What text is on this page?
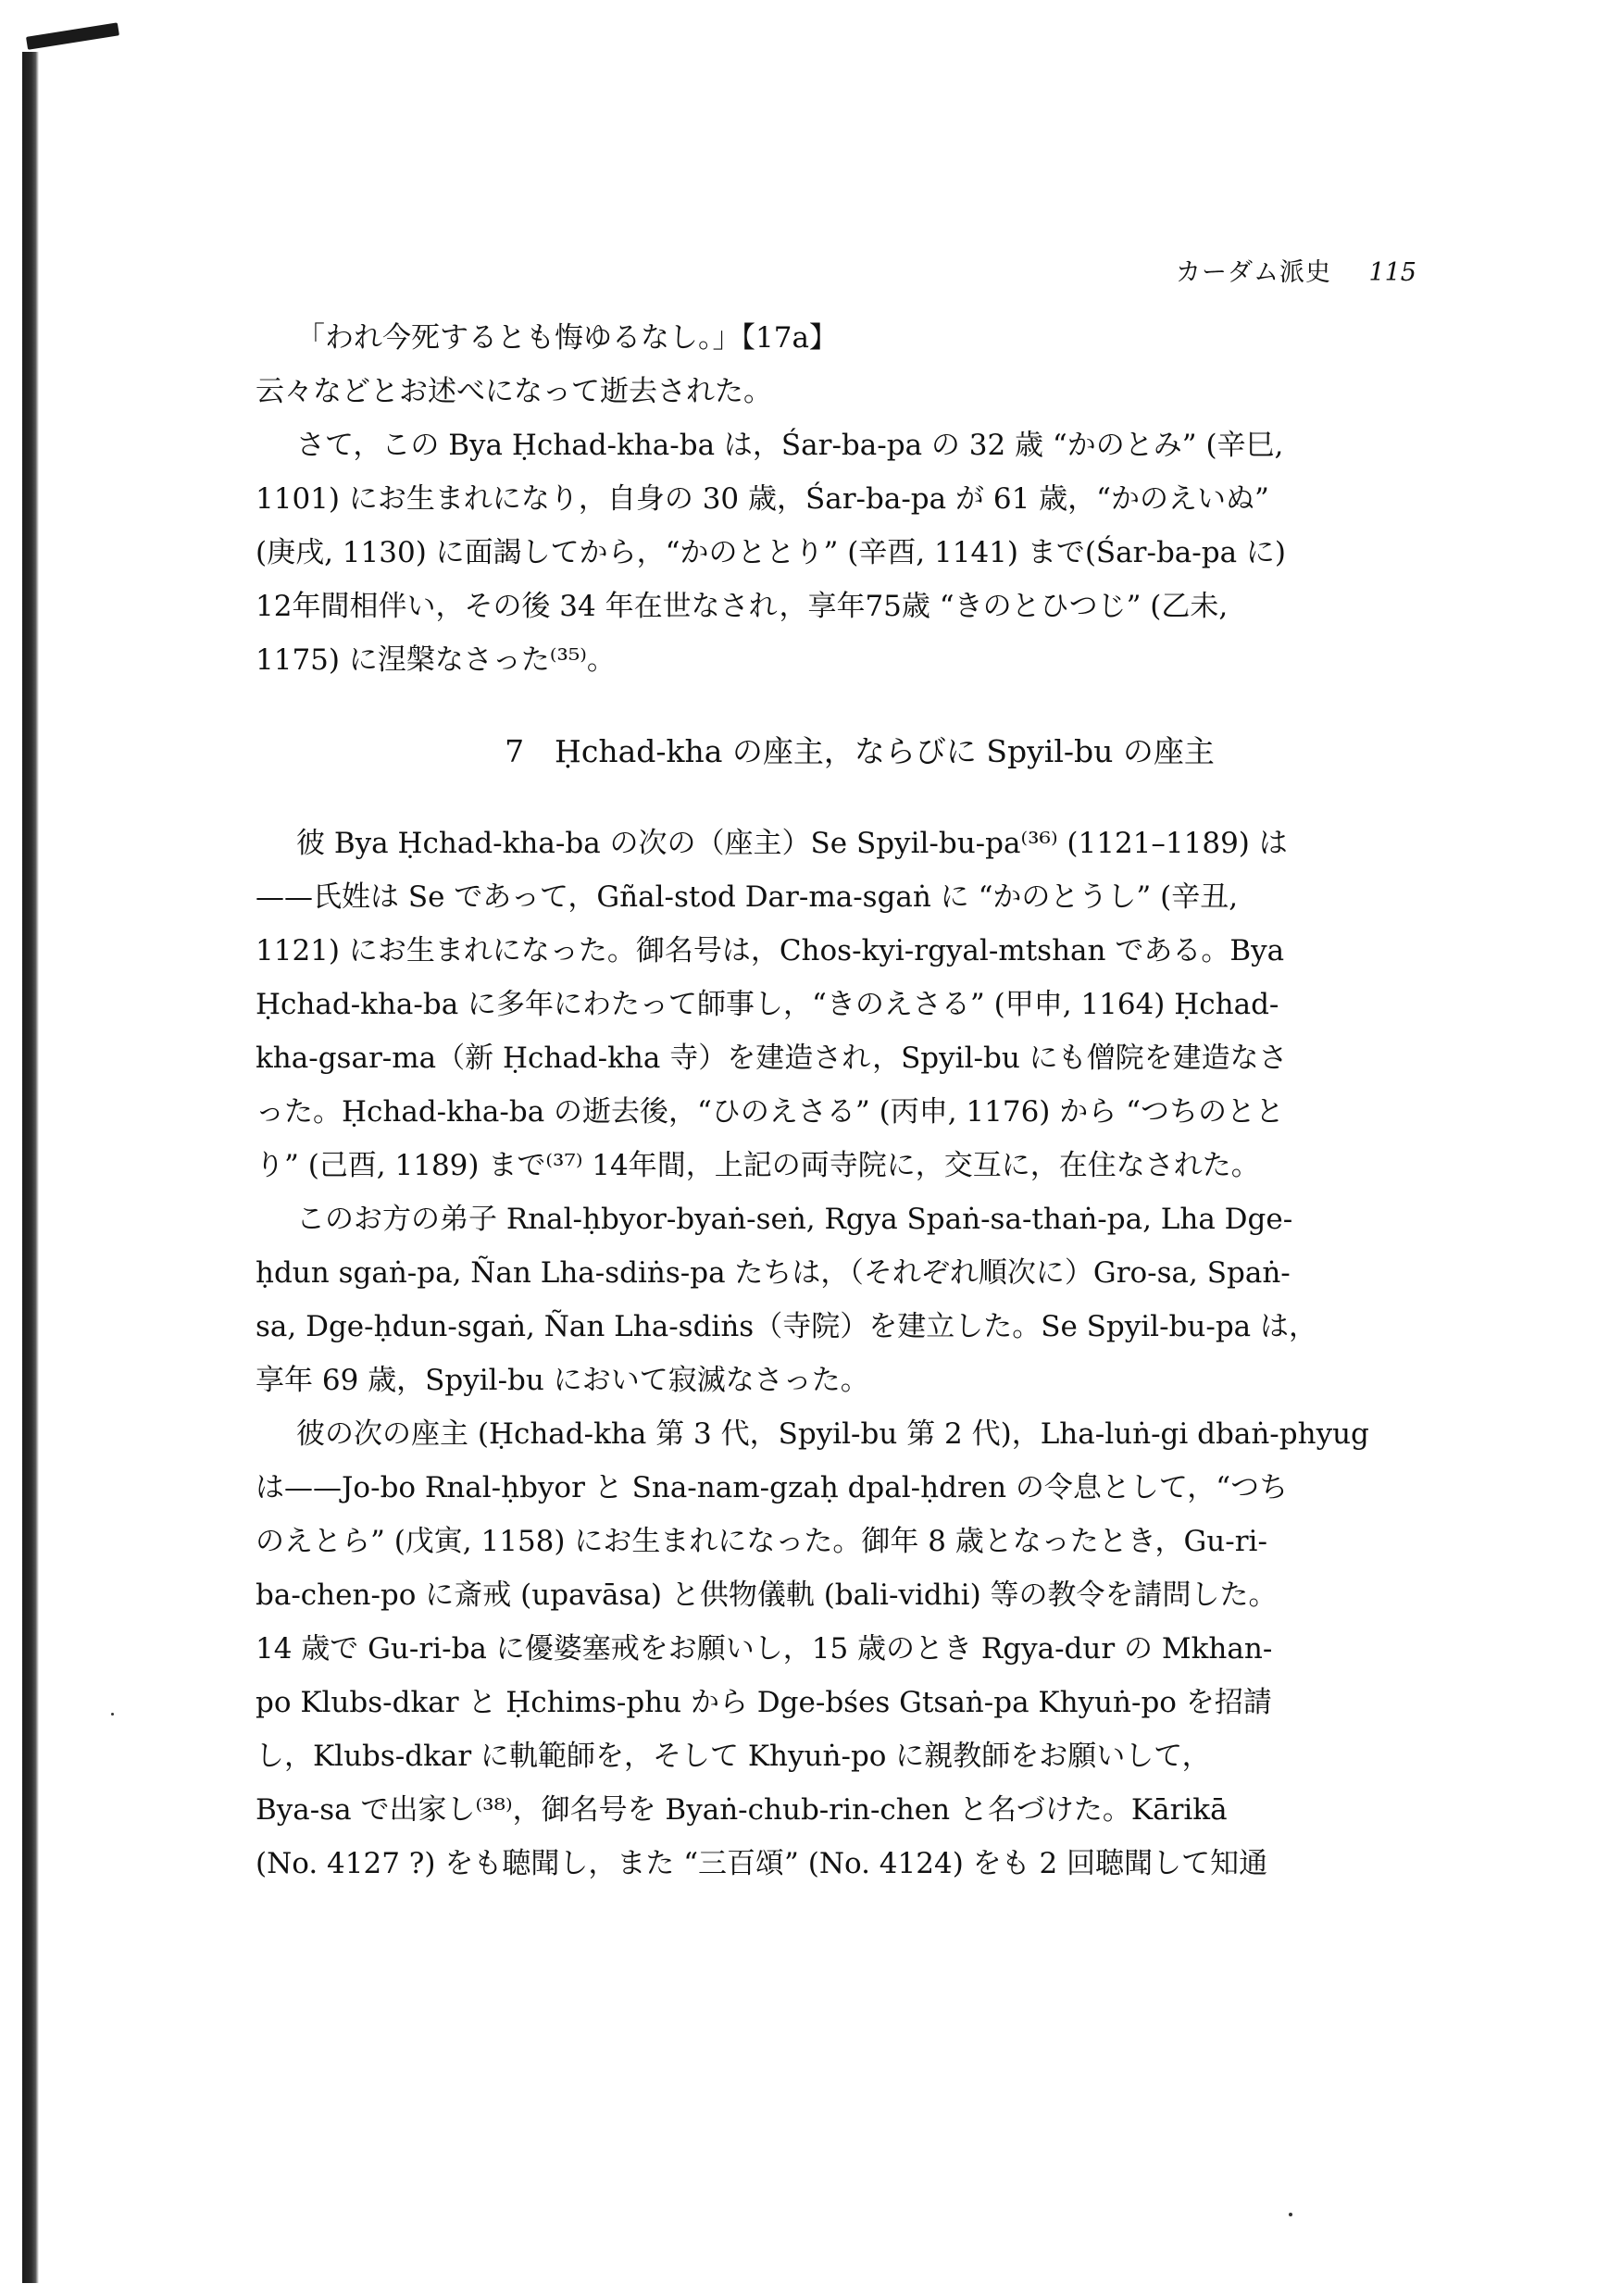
カーダム派史 115
「われ今死するとも悔ゆるなし。」【17a】
云々などとお述べになって逝去された。
さて，この Bya Ḥchad-kha-ba は，Śar-ba-pa の 32 歳 “かのとみ” (辛巳,
1101) にお生まれになり，自身の 30 歳，Śar-ba-pa が 61 歳，“かのえいぬ”
(庚戌, 1130) に面謁してから，“かのととり” (辛酉, 1141) まで(Śar-ba-pa に)
12年間相伴い，その後 34 年在世なされ，享年75歳 “きのとひつじ” (乙未,
1175) に涅槃なさった⁽³⁵⁾。
7　Ḥchad-kha の座主，ならびに Spyil-bu の座主
彼 Bya Ḥchad-kha-ba の次の（座主）Se Spyil-bu-pa⁽³⁶⁾ (1121–1189) は
——氏姓は Se であって，Gñal-stod Dar-ma-sgaṅ に “かのとうし” (辛丑,
1121) にお生まれになった。御名号は，Chos-kyi-rgyal-mtshan である。Bya
Ḥchad-kha-ba に多年にわたって師事し，“きのえさる” (甲申, 1164) Ḥchad-
kha-gsar-ma（新 Ḥchad-kha 寺）を建造され，Spyil-bu にも僧院を建造なさ
った。Ḥchad-kha-ba の逝去後，“ひのえさる” (丙申, 1176) から “つちのとと
り” (己酉, 1189) まで⁽³⁷⁾ 14年間，上記の両寺院に，交互に，在住なされた。
このお方の弟子 Rnal-ḥbyor-byaṅ-seṅ, Rgya Spaṅ-sa-thaṅ-pa, Lha Dge-
ḥdun sgaṅ-pa, Ñan Lha-sdiṅs-pa たちは，（それぞれ順次に）Gro-sa, Spaṅ-
sa, Dge-ḥdun-sgaṅ, Ñan Lha-sdiṅs（寺院）を建立した。Se Spyil-bu-pa は，
享年 69 歳，Spyil-bu において寂滅なさった。
彼の次の座主 (Ḥchad-kha 第 3 代，Spyil-bu 第 2 代)，Lha-luṅ-gi dbaṅ-phyug
は——Jo-bo Rnal-ḥbyor と Sna-nam-gzaḥ dpal-ḥdren の令息として，“つち
のえとら” (戊寅, 1158) にお生まれになった。御年 8 歳となったとき，Gu-ri-
ba-chen-po に斎戒 (upavāsa) と供物儀軌 (bali-vidhi) 等の教令を請問した。
14 歳で Gu-ri-ba に優婆塞戒をお願いし，15 歳のとき Rgya-dur の Mkhan-
po Klubs-dkar と Ḥchims-phu から Dge-bśes Gtsaṅ-pa Khyuṅ-po を招請
し，Klubs-dkar に軌範師を，そして Khyuṅ-po に親教師をお願いして，
Bya-sa で出家し⁽³⁸⁾，御名号を Byaṅ-chub-rin-chen と名づけた。Kārikā
(No. 4127 ?) をも聴聞し，また “三百頌” (No. 4124) をも 2 回聴聞して知通
